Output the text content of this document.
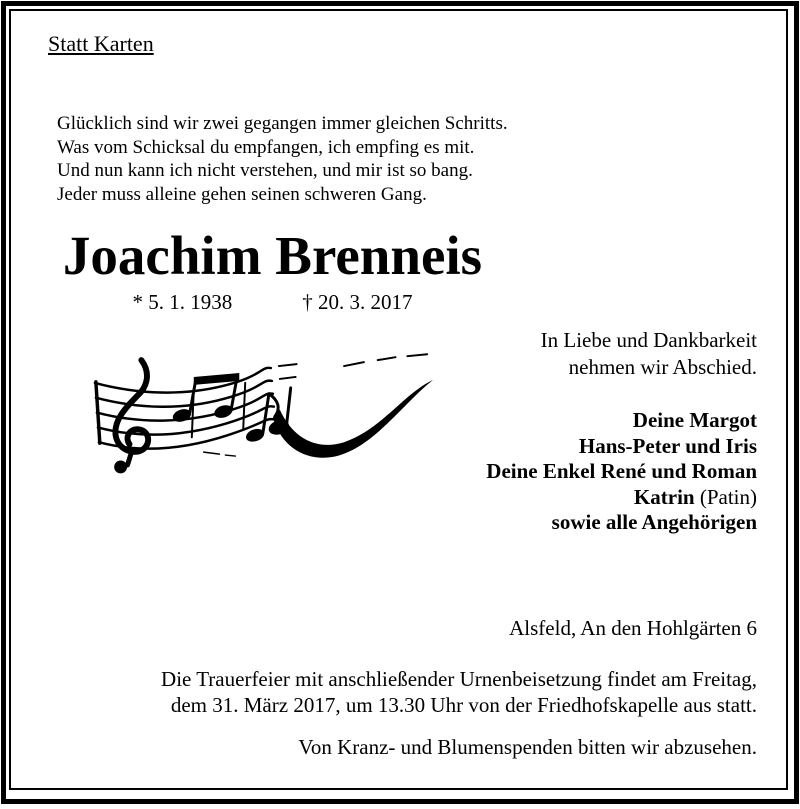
Statt Karten
Glücklich sind wir zwei gegangen immer gleichen Schritts.
Was vom Schicksal du empfangen, ich empfing es mit.
Und nun kann ich nicht verstehen, und mir ist so bang.
Jeder muss alleine gehen seinen schweren Gang.
Joachim Brenneis
* 5. 1. 1938	† 20. 3. 2017
In Liebe und Dankbarkeit
nehmen wir Abschied.
Deine Margot
Hans-Peter und Iris
Deine Enkel René und Roman
Katrin (Patin)
sowie alle Angehörigen
Alsfeld, An den Hohlgärten 6
Die Trauerfeier mit anschließender Urnenbeisetzung findet am Freitag,
dem 31. März 2017, um 13.30 Uhr von der Friedhofskapelle aus statt.
Von Kranz- und Blumenspenden bitten wir abzusehen.
